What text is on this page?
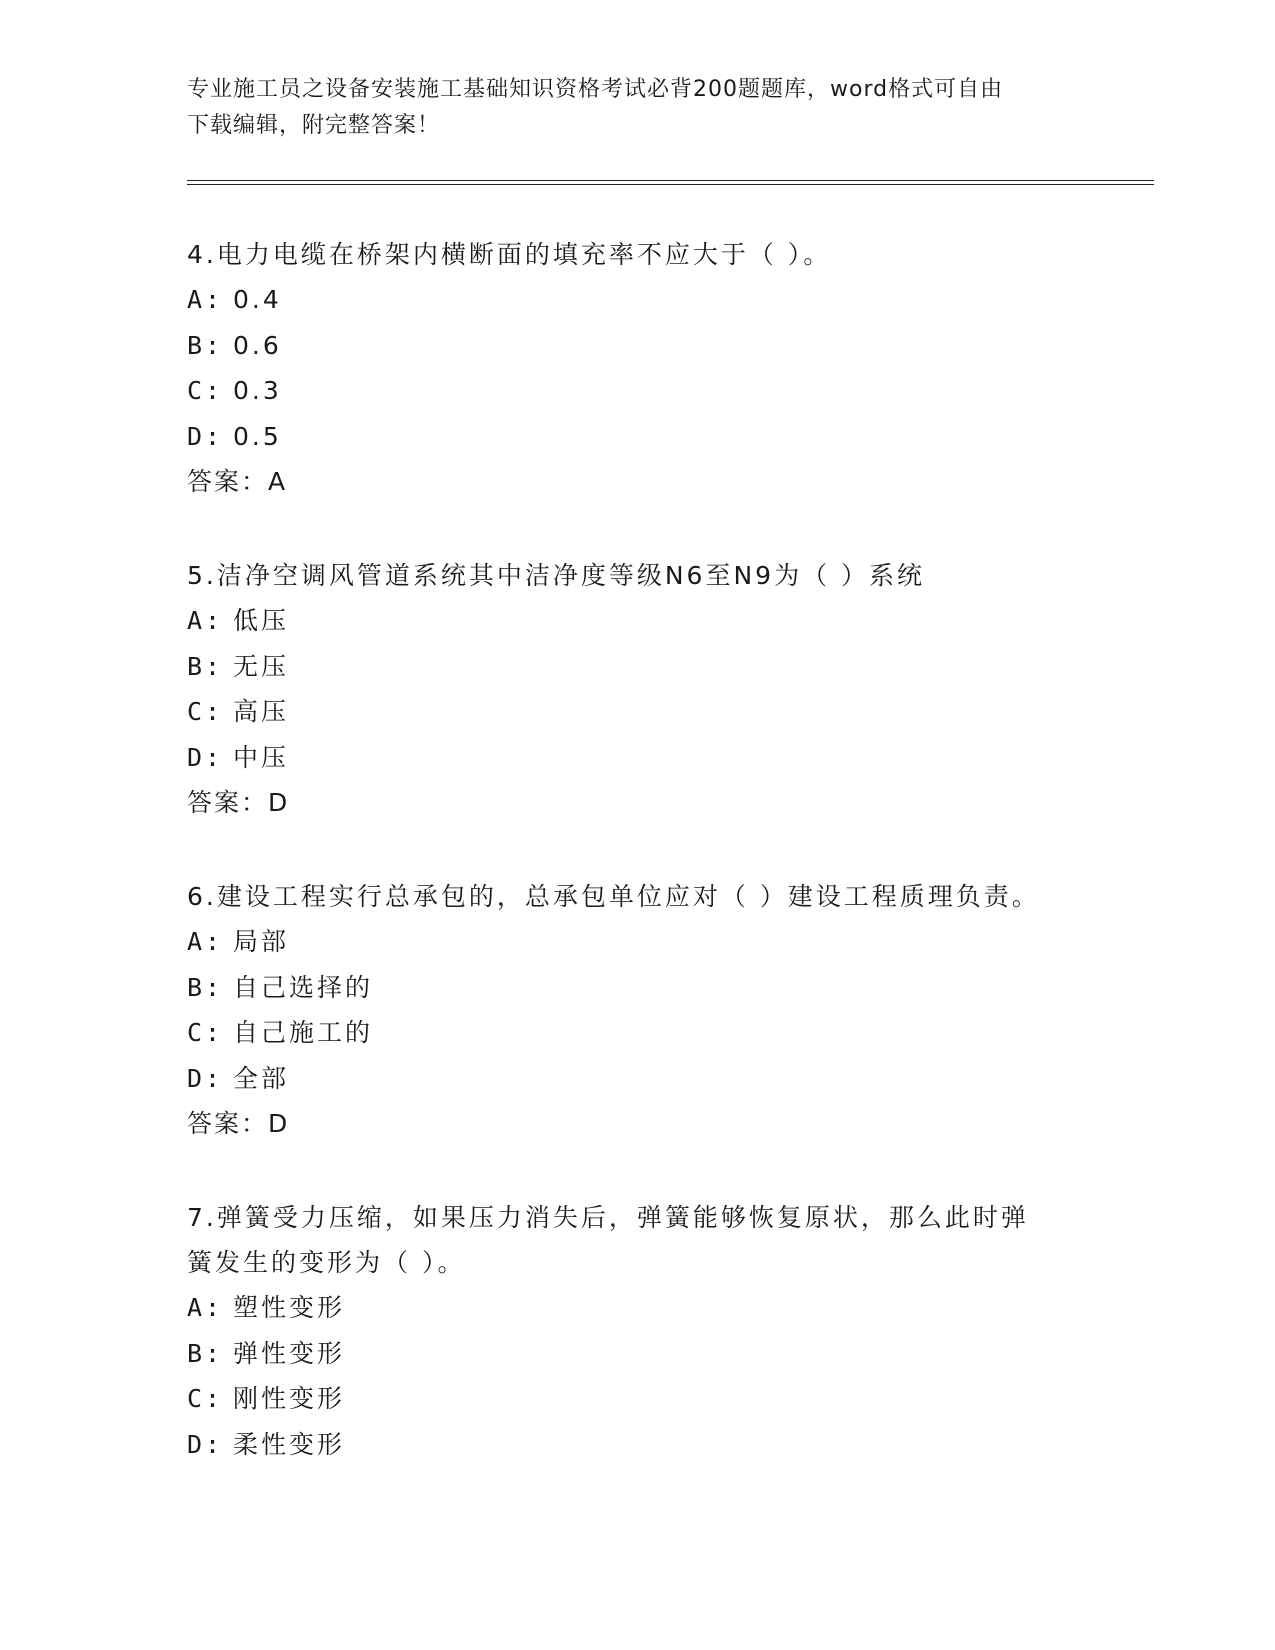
专业施工员之设备安装施工基础知识资格考试必背200题题库，word格式可自由
下载编辑，附完整答案！

4.电力电缆在桥架内横断面的填充率不应大于（ ）。

A: 0.4

B: 0.6

C: 0.3

D: 0.5

答案：A

5.洁净空调风管道系统其中洁净度等级N6至N9为（ ）系统

A: 低压

B: 无压

C: 高压

D: 中压

答案：D

6.建设工程实行总承包的，总承包单位应对（ ）建设工程质理负责。

A: 局部

B: 自己选择的

C: 自己施工的

D: 全部

答案：D

7.弹簧受力压缩，如果压力消失后，弹簧能够恢复原状，那么此时弹

簧发生的变形为（ ）。

A: 塑性变形

B: 弹性变形

C: 刚性变形

D: 柔性变形
